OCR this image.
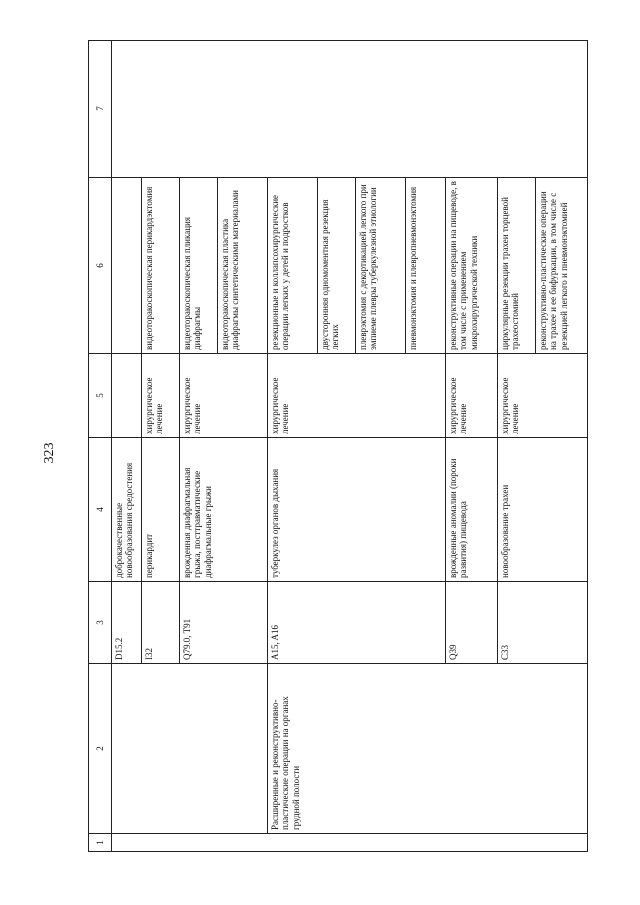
323
1	2	3	4	5	6	7
		D15.2	доброкачественные новообразования средостения			
		I32	перикардит	хирургическое лечение	видеоторакоскопическая перикардэктомия	
		Q79.0, T91	врожденная диафрагмальная грыжа, посттравматические диафрагмальные грыжи	хирургическое лечение	видеоторакоскопическая пликация диафрагмы	
					видеоторакоскопическая пластика диафрагмы синтетическими материалами	
	Расширенные и реконструктивно-пластические операции на органах грудной полости	A15, A16	туберкулез органов дыхания	хирургическое лечение	резекционные и коллапсохирургические операции легких у детей и подростков	
					двусторонняя одномоментная резекция легких	
					плеврэктомия с декортикацией легкого при эмпиеме плевры туберкулезной этиологии	
					пневмонэктомия и плевропневмонэктомия	
		Q39	врожденные аномалии (пороки развития) пищевода	хирургическое лечение	реконструктивные операции на пищеводе, в том числе с применением микрохирургической техники	
		C33	новообразование трахеи	хирургическое лечение	циркулярные резекции трахеи торцевой трахеостомией	
					реконструктивно-пластические операции на трахее и ее бифуркации, в том числе с резекцией легкого и пневмонэктомией	
